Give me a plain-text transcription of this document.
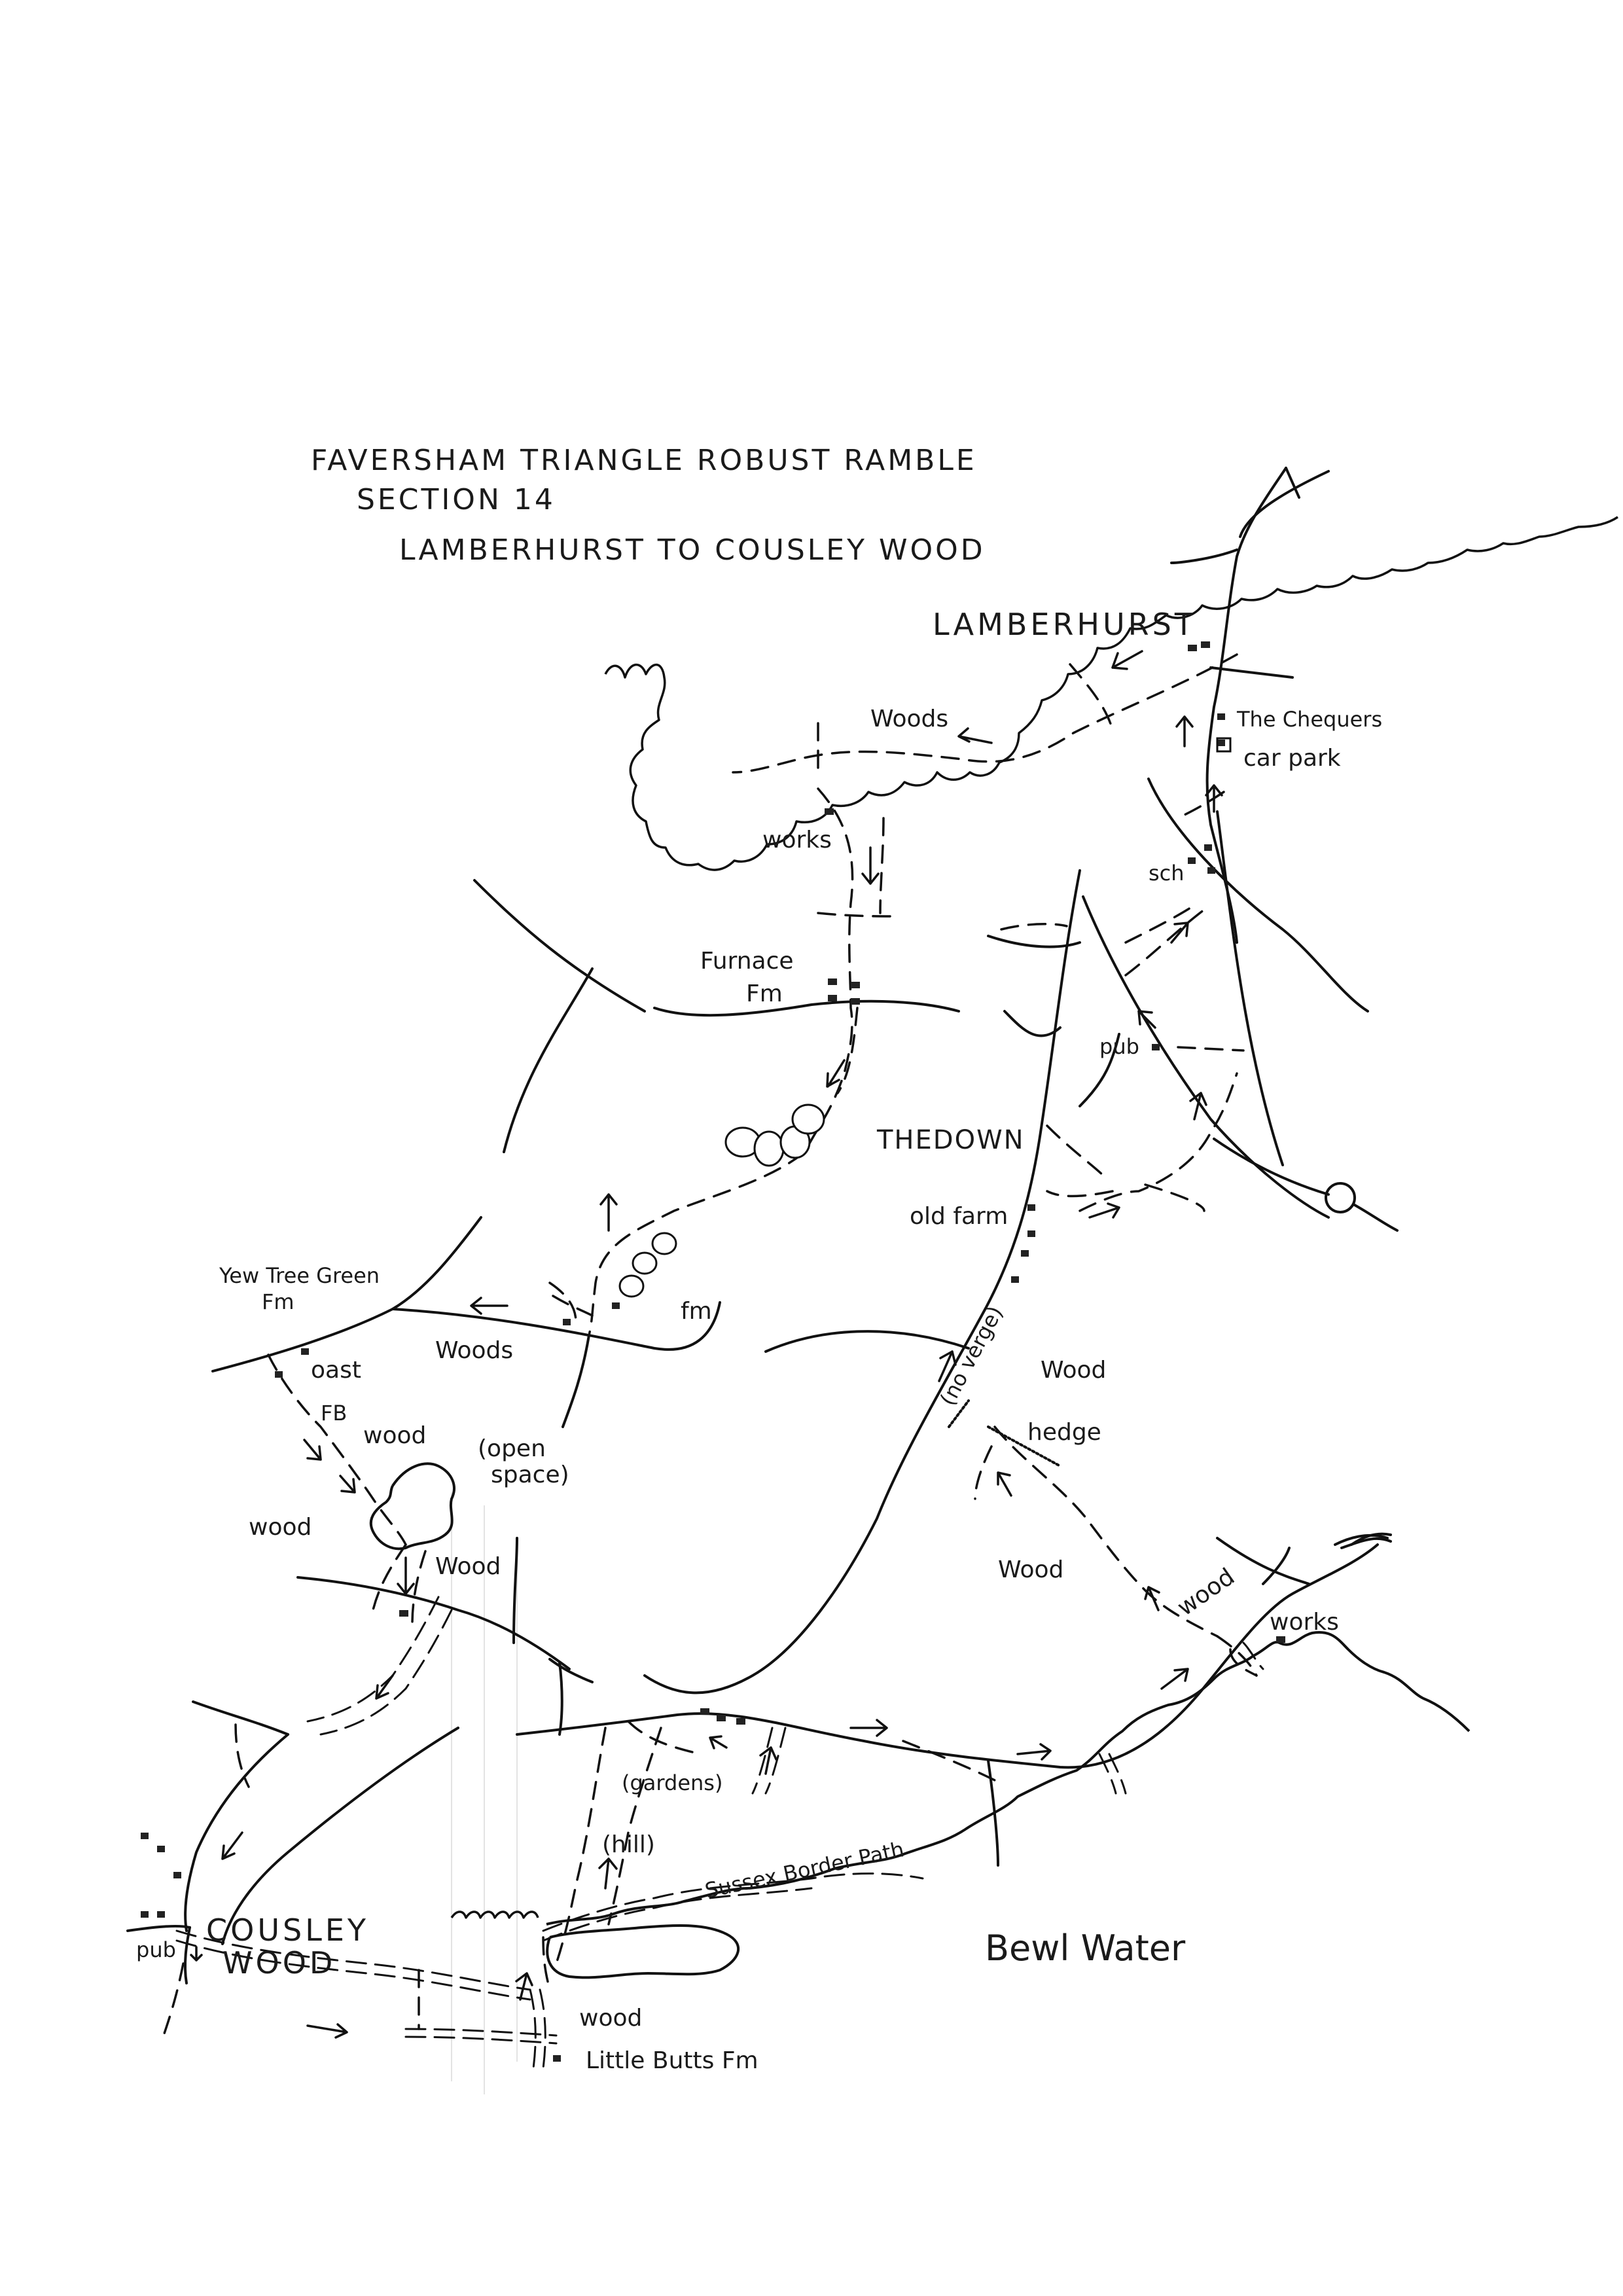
FAVERSHAM TRIANGLE ROBUST RAMBLE
SECTION 14
LAMBERHURST TO COUSLEY WOOD
LAMBERHURST
Woods	The Chequers
car park
works
sch
Furnace
Fm
pub
THEDOWN
old farm
Yew Tree Green
Fm
oast
Woods
fm
FB
wood (open
space)
wood
Wood
Wood
(no verge)
hedge
Wood	wood
works
(gardens)
(hill) Sussex Border Path
Bewl Water
COUSLEY
WOOD
pub
wood
Little Butts Fm
